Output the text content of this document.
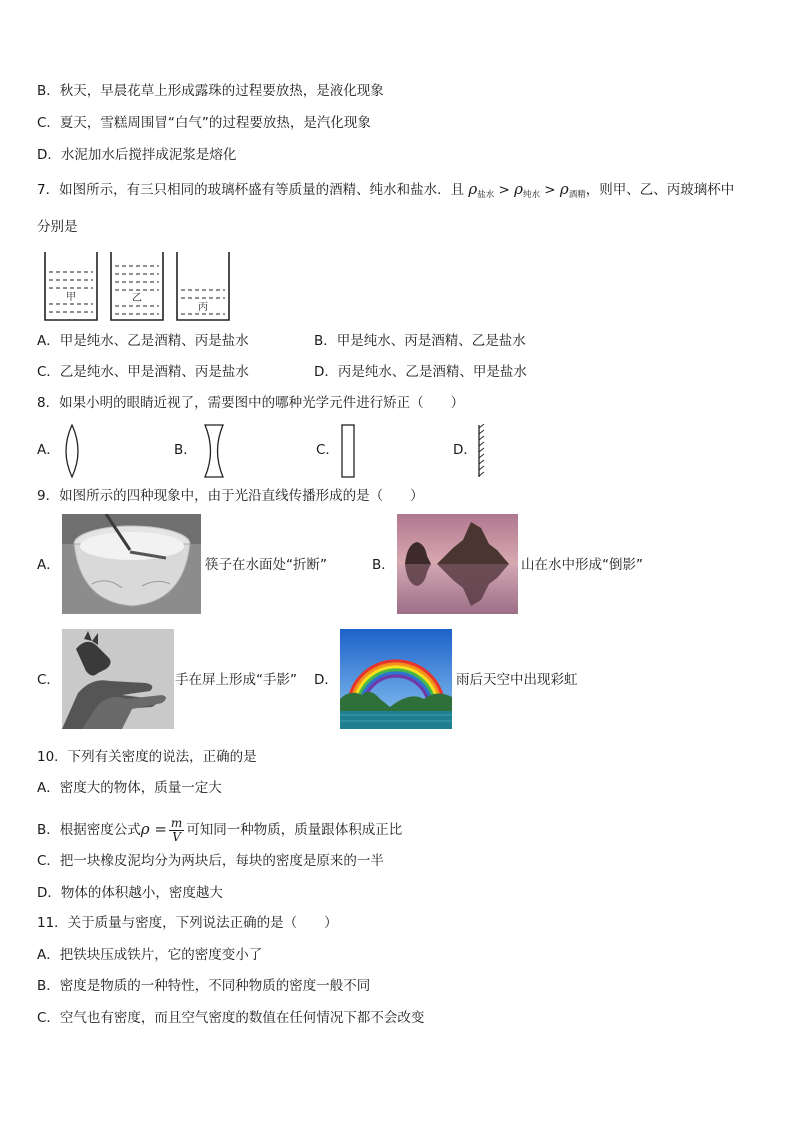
B．秋天，早晨花草上形成露珠的过程要放热，是液化现象
C．夏天，雪糕周围冒“白气”的过程要放热，是汽化现象
D．水泥加水后搅拌成泥浆是熔化
7．如图所示，有三只相同的玻璃杯盛有等质量的酒精、纯水和盐水．且 $\rho_{盐水} > \rho_{纯水} > \rho_{酒精}$，则甲、乙、丙玻璃杯中
分别是
甲	乙
丙
A．甲是纯水、乙是酒精、丙是盐水	B．甲是纯水、丙是酒精、乙是盐水
C．乙是纯水、甲是酒精、丙是盐水	D．丙是纯水、乙是酒精、甲是盐水
8．如果小明的眼睛近视了，需要图中的哪种光学元件进行矫正（　　）
A．	B．	C．	D．
9．如图所示的四种现象中，由于光沿直线传播形成的是（　　）
A．	筷子在水面处“折断”	B．	山在水中形成“倒影”
C．	手在屏上形成“手影” D．	雨后天空中出现彩虹
10．下列有关密度的说法，正确的是
A．密度大的物体，质量一定大
B．根据密度公式$\rho = \frac{m}{V}$ 可知同一种物质，质量跟体积成正比
C．把一块橡皮泥均分为两块后，每块的密度是原来的一半
D．物体的体积越小，密度越大
11．关于质量与密度，下列说法正确的是（　　）
A．把铁块压成铁片，它的密度变小了
B．密度是物质的一种特性，不同种物质的密度一般不同
C．空气也有密度，而且空气密度的数值在任何情况下都不会改变
